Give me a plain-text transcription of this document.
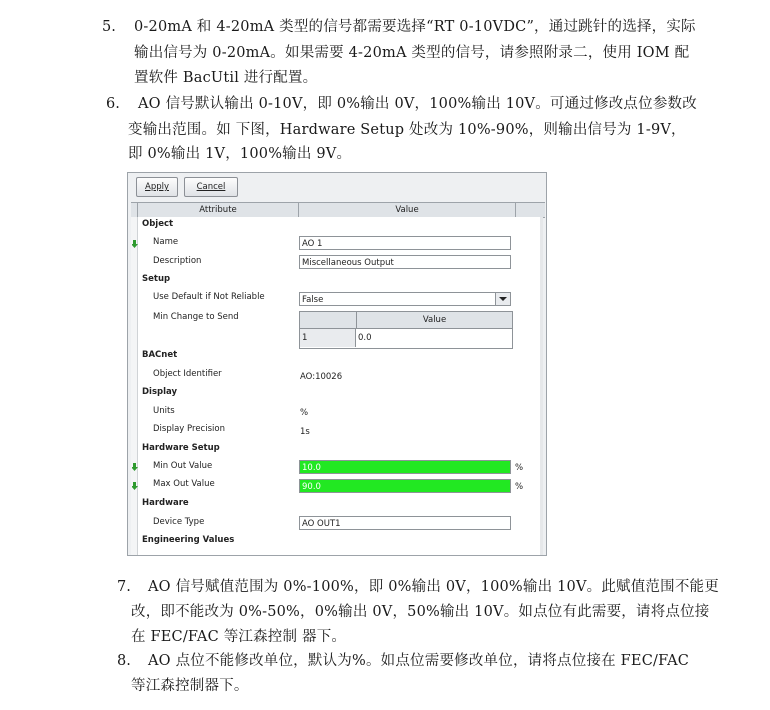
5. 0-20mA 和 4-20mA 类型的信号都需要选择“RT 0-10VDC”，通过跳针的选择，实际
输出信号为 0-20mA。如果需要 4-20mA 类型的信号，请参照附录二，使用 IOM 配
置软件 BacUtil 进行配置。
6. AO 信号默认输出 0-10V，即 0%输出 0V，100%输出 10V。可通过修改点位参数改
变输出范围。如 下图，Hardware Setup 处改为 10%-90%，则输出信号为 1-9V，
即 0%输出 1V，100%输出 9V。
Apply	Cancel
Attribute	Value
Object
Name	AO 1
Description	Miscellaneous Output
Setup
Use Default if Not Reliable	False
Min Change to Send	Value
1	0.0
BACnet
Object Identifier	AO:10026
Display
Units	%
Display Precision	1s
Hardware Setup
Min Out Value	10.0	%
Max Out Value	90.0	%
Hardware
Device Type	AO OUT1
Engineering Values
7. AO 信号赋值范围为 0%-100%，即 0%输出 0V，100%输出 10V。此赋值范围不能更
改，即不能改为 0%-50%，0%输出 0V，50%输出 10V。如点位有此需要，请将点位接
在 FEC/FAC 等江森控制 器下。
8. AO 点位不能修改单位，默认为%。如点位需要修改单位，请将点位接在 FEC/FAC
等江森控制器下。
